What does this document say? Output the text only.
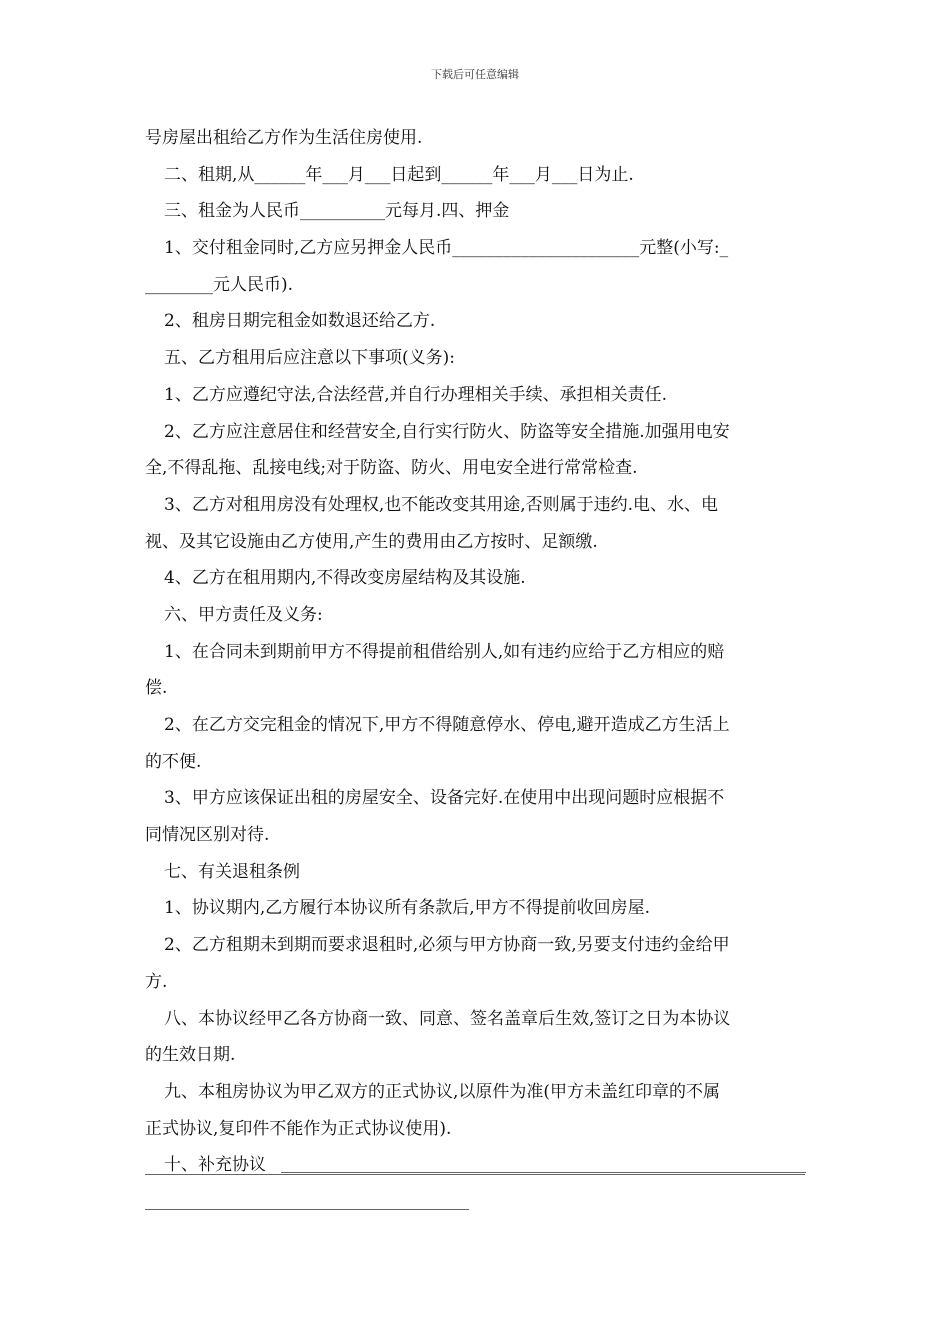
下载后可任意编辑
号房屋出租给乙方作为生活住房使用.
二、租期,从______年___月___日起到______年___月___日为止.
三、租金为人民币__________元每月.四、押金
1、交付租金同时,乙方应另押金人民币______________________元整(小写:_
________元人民币).
2、租房日期完租金如数退还给乙方.
五、乙方租用后应注意以下事项(义务):
1、乙方应遵纪守法,合法经营,并自行办理相关手续、承担相关责任.
2、乙方应注意居住和经营安全,自行实行防火、防盗等安全措施.加强用电安
全,不得乱拖、乱接电线;对于防盗、防火、用电安全进行常常检查.
3、乙方对租用房没有处理权,也不能改变其用途,否则属于违约.电、水、电
视、及其它设施由乙方使用,产生的费用由乙方按时、足额缴.
4、乙方在租用期内,不得改变房屋结构及其设施.
六、甲方责任及义务:
1、在合同未到期前甲方不得提前租借给别人,如有违约应给于乙方相应的赔
偿.
2、在乙方交完租金的情况下,甲方不得随意停水、停电,避开造成乙方生活上
的不便.
3、甲方应该保证出租的房屋安全、设备完好.在使用中出现问题时应根据不
同情况区别对待.
七、有关退租条例
1、协议期内,乙方履行本协议所有条款后,甲方不得提前收回房屋.
2、乙方租期未到期而要求退租时,必须与甲方协商一致,另要支付违约金给甲
方.
八、本协议经甲乙各方协商一致、同意、签名盖章后生效,签订之日为本协议
的生效日期.
九、本租房协议为甲乙双方的正式协议,以原件为准(甲方未盖红印章的不属
正式协议,复印件不能作为正式协议使用).
十、补充协议
